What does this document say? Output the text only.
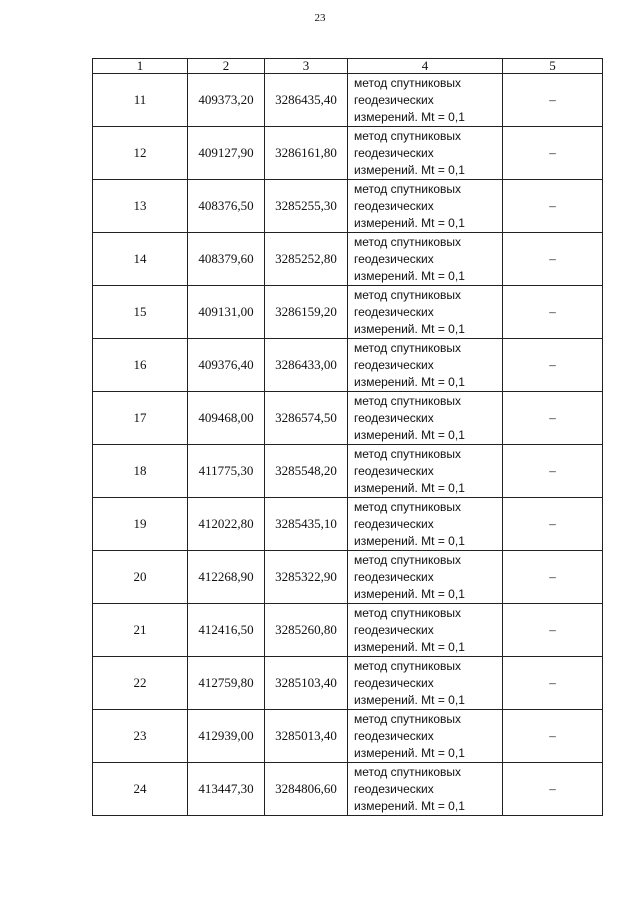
23
1	2	3	4	5
11	409373,20	3286435,40	метод спутниковых
геодезических
измерений. Mt = 0,1	–
12	409127,90	3286161,80	метод спутниковых
геодезических
измерений. Mt = 0,1	–
13	408376,50	3285255,30	метод спутниковых
геодезических
измерений. Mt = 0,1	–
14	408379,60	3285252,80	метод спутниковых
геодезических
измерений. Mt = 0,1	–
15	409131,00	3286159,20	метод спутниковых
геодезических
измерений. Mt = 0,1	–
16	409376,40	3286433,00	метод спутниковых
геодезических
измерений. Mt = 0,1	–
17	409468,00	3286574,50	метод спутниковых
геодезических
измерений. Mt = 0,1	–
18	411775,30	3285548,20	метод спутниковых
геодезических
измерений. Mt = 0,1	–
19	412022,80	3285435,10	метод спутниковых
геодезических
измерений. Mt = 0,1	–
20	412268,90	3285322,90	метод спутниковых
геодезических
измерений. Mt = 0,1	–
21	412416,50	3285260,80	метод спутниковых
геодезических
измерений. Mt = 0,1	–
22	412759,80	3285103,40	метод спутниковых
геодезических
измерений. Mt = 0,1	–
23	412939,00	3285013,40	метод спутниковых
геодезических
измерений. Mt = 0,1	–
24	413447,30	3284806,60	метод спутниковых
геодезических
измерений. Mt = 0,1	–
